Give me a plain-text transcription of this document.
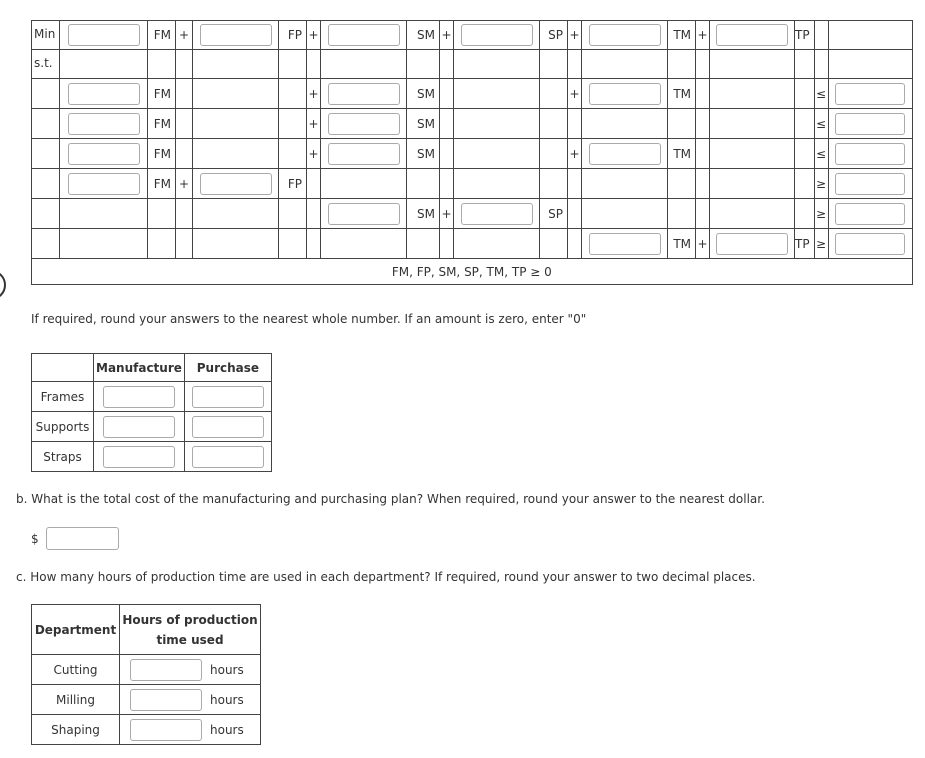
Min		FM	+		FP	+		SM	+		SP	+		TM	+		TP		
s.t.																			
		FM				+		SM				+		TM				≤	
		FM				+		SM										≤	
		FM				+		SM				+		TM				≤	
		FM	+		FP													≥	
								SM	+		SP							≥	
														TM	+		TP	≥	
FM, FP, SM, SP, TM, TP ≥ 0																			
If required, round your answers to the nearest whole number. If an amount is zero, enter "0"
	Manufacture	Purchase
Frames		
Supports		
Straps		
b. What is the total cost of the manufacturing and purchasing plan? When required, round your answer to the nearest dollar.
$
c. How many hours of production time are used in each department? If required, round your answer to two decimal places.
Department	Hours of production time used
Cutting	hours
Milling	hours
Shaping	hours
